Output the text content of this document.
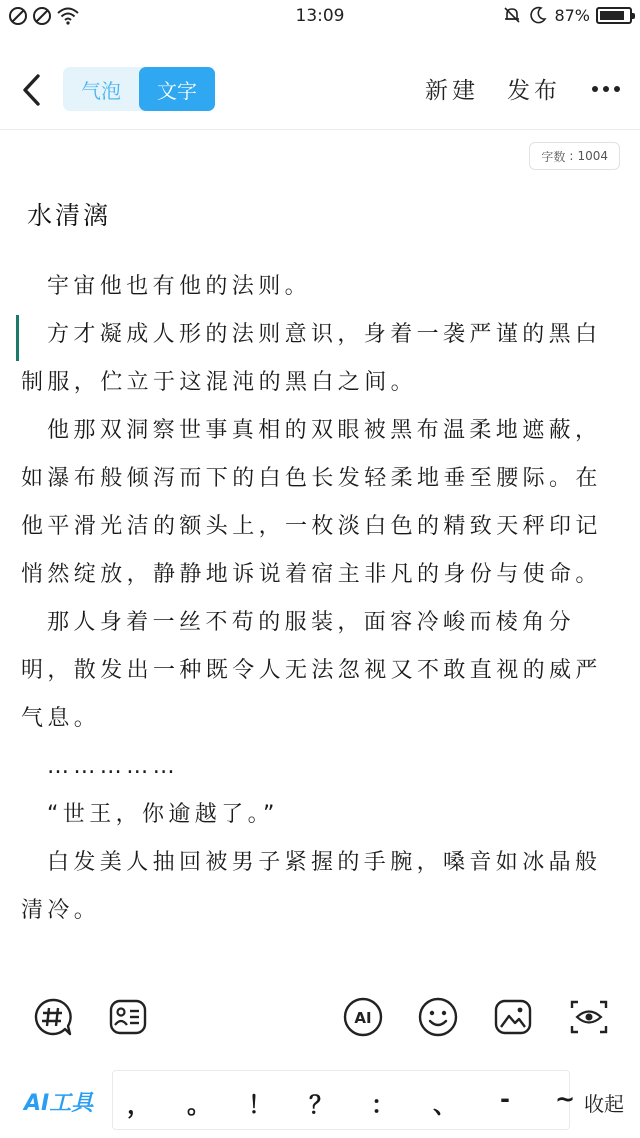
13:09	87%
气泡	文字	新建 发布
字数 : 1004
水清漓

宇宙他也有他的法则。

方才凝成人形的法则意识，身着一袭严谨的黑白制服，伫立于这混沌的黑白之间。

他那双洞察世事真相的双眼被黑布温柔地遮蔽，如瀑布般倾泻而下的白色长发轻柔地垂至腰际。在他平滑光洁的额头上，一枚淡白色的精致天秤印记悄然绽放，静静地诉说着宿主非凡的身份与使命。

那人身着一丝不苟的服装，面容冷峻而棱角分明，散发出一种既令人无法忽视又不敢直视的威严气息。

……………

“世王，你逾越了。”

白发美人抽回被男子紧握的手腕，嗓音如冰晶般清冷。

AI
AI工具 ， 。 ！ ？ ： 、	-	~ 收起
